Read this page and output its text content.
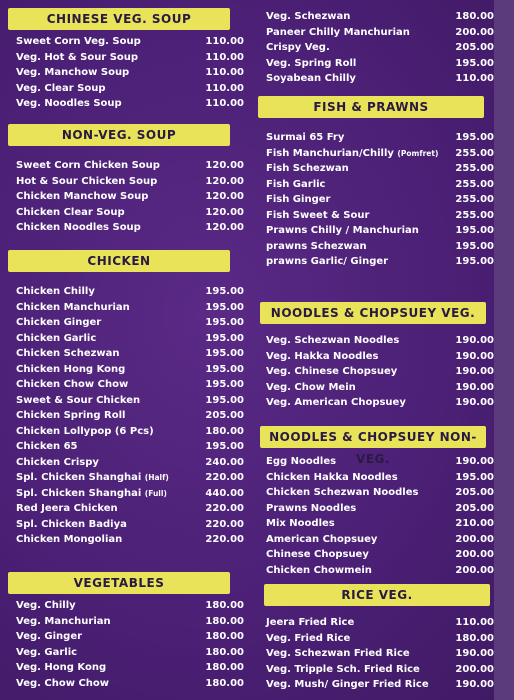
CHINESE VEG. SOUP
Sweet Corn Veg. Soup	110.00
Veg. Hot & Sour Soup	110.00
Veg. Manchow Soup	110.00
Veg. Clear Soup	110.00
Veg. Noodles Soup	110.00
NON-VEG. SOUP
Sweet Corn Chicken Soup	120.00
Hot & Sour Chicken Soup	120.00
Chicken Manchow Soup	120.00
Chicken Clear Soup	120.00
Chicken Noodles Soup	120.00
CHICKEN
Chicken Chilly	195.00
Chicken Manchurian	195.00
Chicken Ginger	195.00
Chicken Garlic	195.00
Chicken Schezwan	195.00
Chicken Hong Kong	195.00
Chicken Chow Chow	195.00
Sweet & Sour Chicken	195.00
Chicken Spring Roll	205.00
Chicken Lollypop (6 Pcs)	180.00
Chicken 65	195.00
Chicken Crispy	240.00
Spl. Chicken Shanghai (Half)	220.00
Spl. Chicken Shanghai (Full)	440.00
Red Jeera Chicken	220.00
Spl. Chicken Badiya	220.00
Chicken Mongolian	220.00
VEGETABLES
Veg. Chilly	180.00
Veg. Manchurian	180.00
Veg. Ginger	180.00
Veg. Garlic	180.00
Veg. Hong Kong	180.00
Veg. Chow Chow	180.00
Veg. Schezwan	180.00
Paneer Chilly Manchurian	200.00
Crispy Veg.	205.00
Veg. Spring Roll	195.00
Soyabean Chilly	110.00
FISH & PRAWNS
Surmai 65 Fry	195.00
Fish Manchurian/Chilly (Pomfret) 255.00
Fish Schezwan	255.00
Fish Garlic	255.00
Fish Ginger	255.00
Fish Sweet & Sour	255.00
Prawns Chilly / Manchurian	195.00
prawns Schezwan	195.00
prawns Garlic/ Ginger	195.00
NOODLES & CHOPSUEY VEG.
Veg. Schezwan Noodles	190.00
Veg. Hakka Noodles	190.00
Veg. Chinese Chopsuey	190.00
Veg. Chow Mein	190.00
Veg. American Chopsuey	190.00
NOODLES & CHOPSUEY NON-VEG.
Egg Noodles	190.00
Chicken Hakka Noodles	195.00
Chicken Schezwan Noodles	205.00
Prawns Noodles	205.00
Mix Noodles	210.00
American Chopsuey	200.00
Chinese Chopsuey	200.00
Chicken Chowmein	200.00
RICE VEG.
Jeera Fried Rice	110.00
Veg. Fried Rice	180.00
Veg. Schezwan Fried Rice	190.00
Veg. Tripple Sch. Fried Rice	200.00
Veg. Mush/ Ginger Fried Rice	190.00
